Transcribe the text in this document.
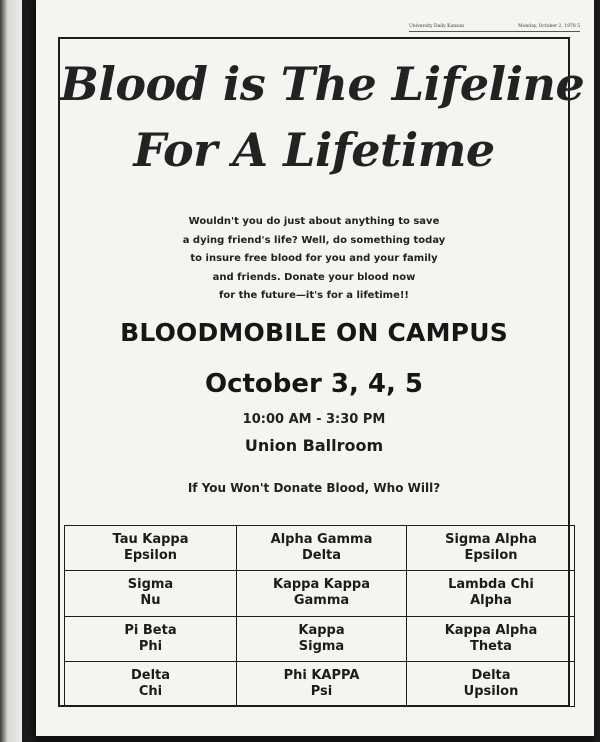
University Daily Kansan	Monday, October 2, 1978 5
Blood is The Lifeline
For A Lifetime
Wouldn't you do just about anything to save
a dying friend's life? Well, do something today
to insure free blood for you and your family
and friends. Donate your blood now
for the future—it's for a lifetime!!
BLOODMOBILE ON CAMPUS
October 3, 4, 5
10:00 AM - 3:30 PM
Union Ballroom
If You Won't Donate Blood, Who Will?
Tau Kappa
Epsilon
Alpha Gamma
Delta
Sigma Alpha
Epsilon
Sigma
Nu
Kappa Kappa
Gamma
Lambda Chi
Alpha
Pi Beta
Phi
Kappa
Sigma
Kappa Alpha
Theta
Delta
Chi
Phi KAPPA
Psi
Delta
Upsilon
